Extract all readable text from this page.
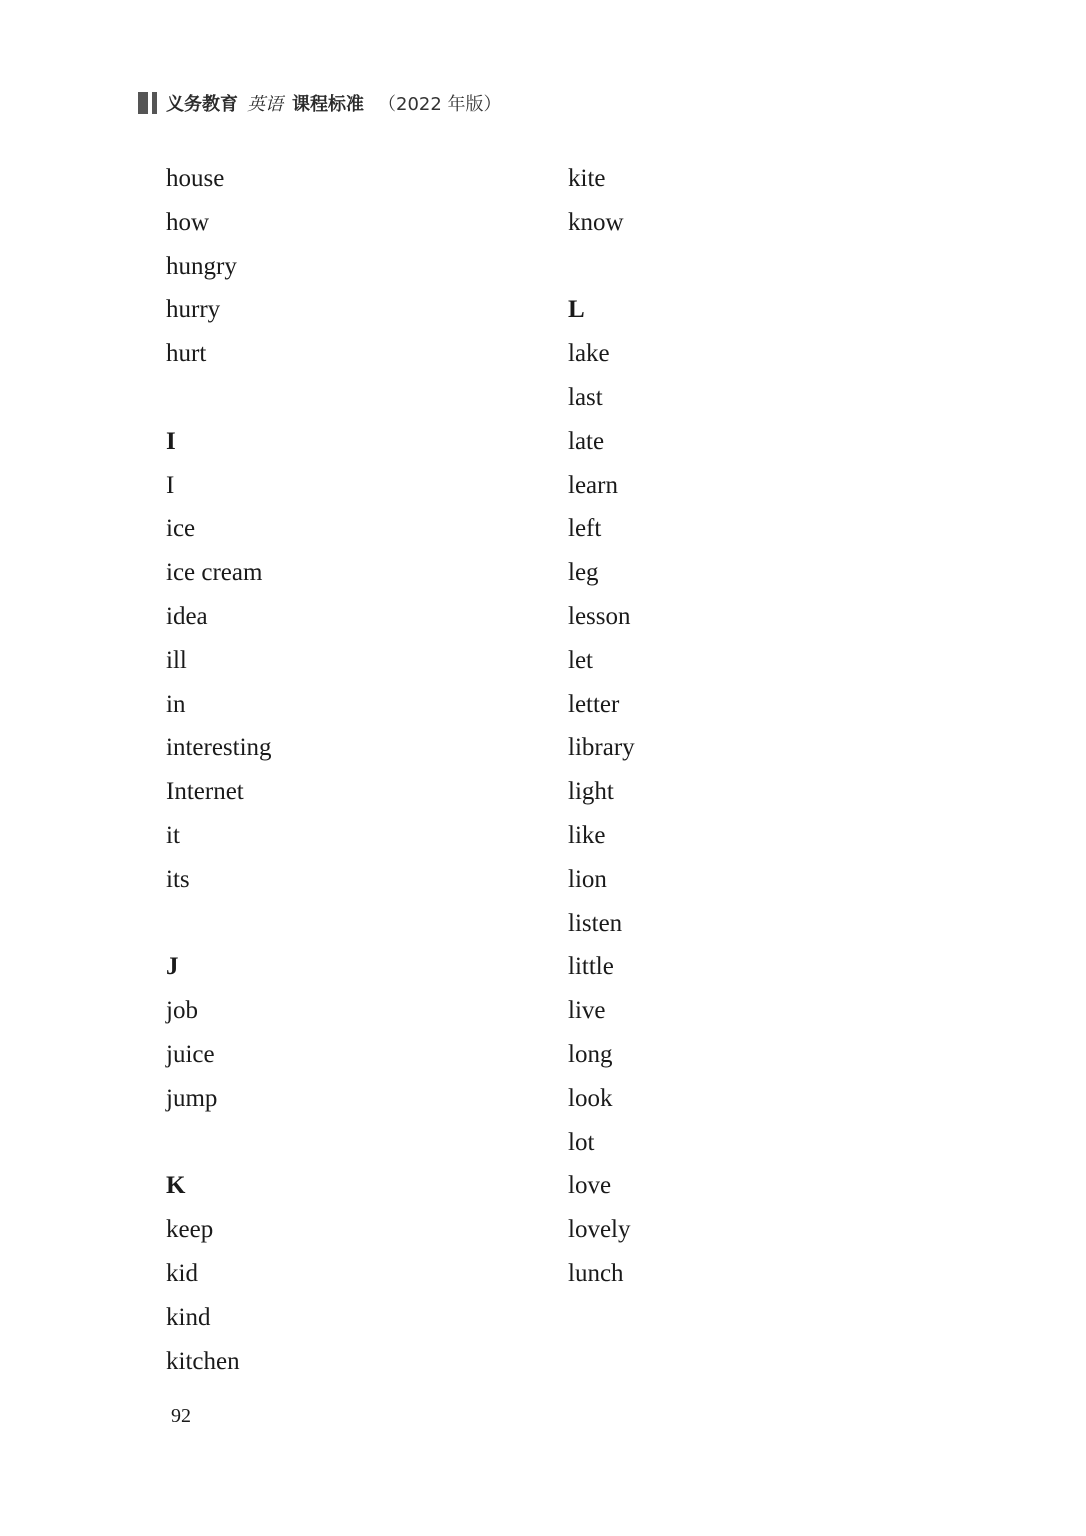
义务教育 英语 课程标准 （2022 年版）
house
how
hungry
hurry
hurt
I
I
ice
ice cream
idea
ill
in
interesting
Internet
it
its
J
job
juice
jump
K
keep
kid
kind
kitchen
kite
know
L
lake
last
late
learn
left
leg
lesson
let
letter
library
light
like
lion
listen
little
live
long
look
lot
love
lovely
lunch
92
